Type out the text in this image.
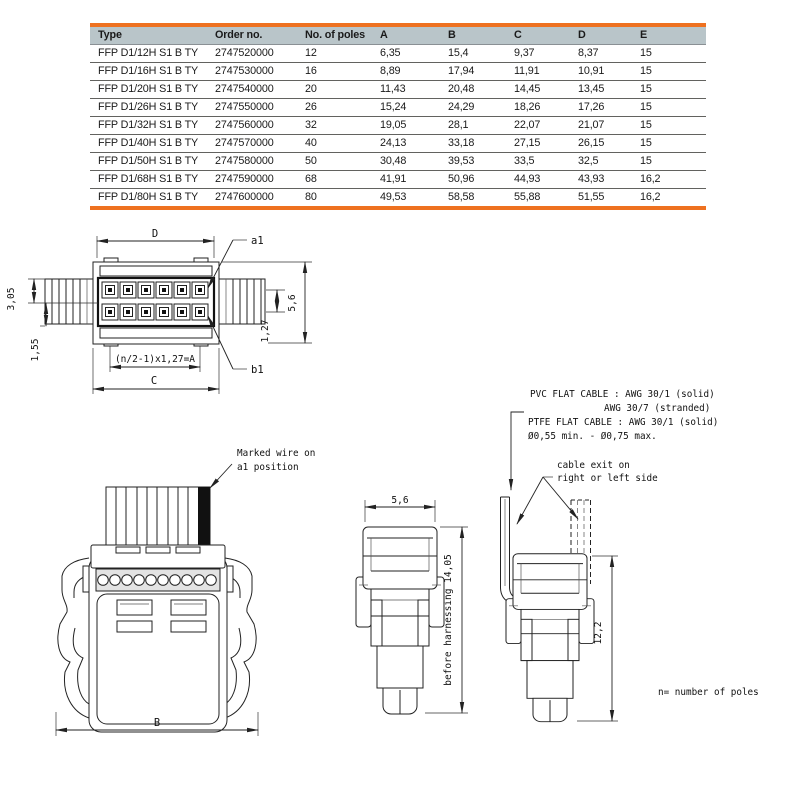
Type	Order no.	No. of poles	A	B	C	D	E
FFP D1/12H S1 B TY	2747520000	12	6,35	15,4	9,37	8,37	15
FFP D1/16H S1 B TY	2747530000	16	8,89	17,94	11,91	10,91	15
FFP D1/20H S1 B TY	2747540000	20	11,43	20,48	14,45	13,45	15
FFP D1/26H S1 B TY	2747550000	26	15,24	24,29	18,26	17,26	15
FFP D1/32H S1 B TY	2747560000	32	19,05	28,1	22,07	21,07	15
FFP D1/40H S1 B TY	2747570000	40	24,13	33,18	27,15	26,15	15
FFP D1/50H S1 B TY	2747580000	50	30,48	39,53	33,5	32,5	15
FFP D1/68H S1 B TY	2747590000	68	41,91	50,96	44,93	43,93	16,2
FFP D1/80H S1 B TY	2747600000	80	49,53	58,58	55,88	51,55	16,2
D
a1
b1
3,05
1,55
5,6
1,27
(n/2-1)x1,27=A
C
Marked wire on
a1 position
B
5,6
before harnessing 14,05
PVC FLAT CABLE : AWG 30/1 (solid)
AWG 30/7 (stranded)
PTFE FLAT CABLE : AWG 30/1 (solid)
Ø0,55 min. - Ø0,75 max.
cable exit on
right or left side
12,2
n= number of poles
